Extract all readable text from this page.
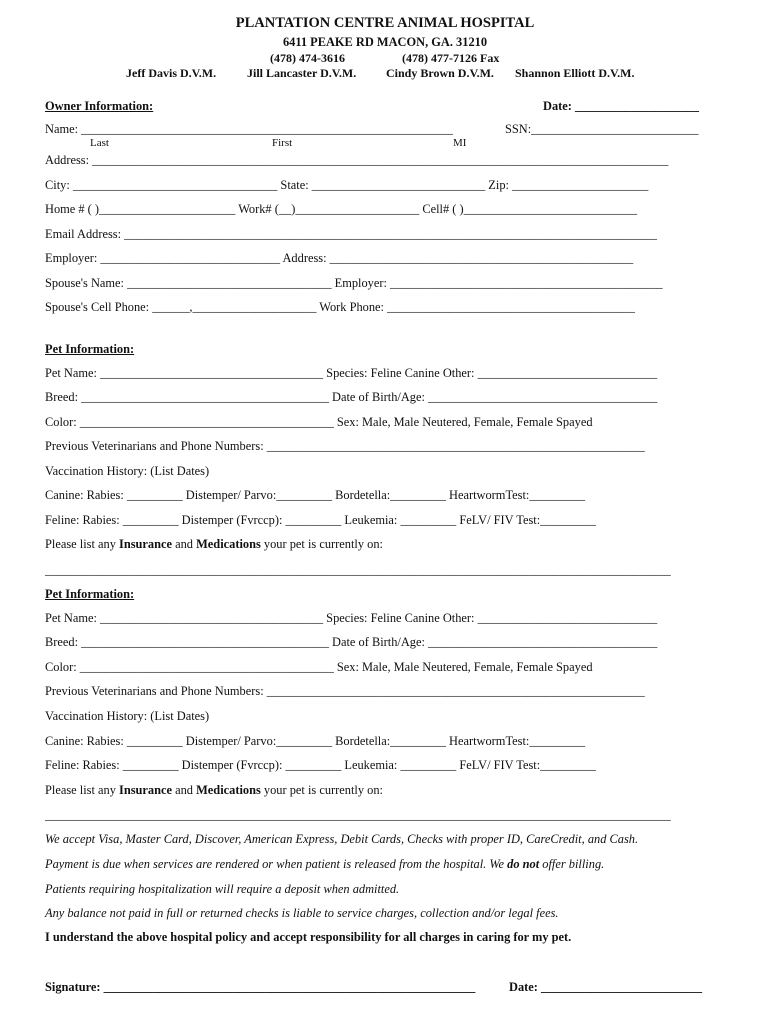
PLANTATION CENTRE ANIMAL HOSPITAL
6411 PEAKE RD MACON, GA. 31210
(478) 474-3616	(478) 477-7126 Fax
Jeff Davis D.V.M.	Jill Lancaster D.V.M. Cindy Brown D.V.M. Shannon Elliott D.V.M.
Owner Information:	Date: ____________________
Name: ____________________________________________________________	SSN:___________________________
Last	First	MI
Address: _____________________________________________________________________________________________
City: _________________________________ State: ____________________________ Zip: ______________________
Home # ( )______________________ Work# (__)____________________ Cell# ( )____________________________
Email Address: ______________________________________________________________________________________
Employer: _____________________________ Address: _________________________________________________
Spouse's Name: _________________________________ Employer: ____________________________________________
Spouse's Cell Phone: ______,____________________ Work Phone: ________________________________________
Pet Information:
Pet Name: ____________________________________ Species: Feline Canine Other: _____________________________
Breed: ________________________________________ Date of Birth/Age: _____________________________________
Color: _________________________________________ Sex: Male, Male Neutered, Female, Female Spayed
Previous Veterinarians and Phone Numbers: _____________________________________________________________
Vaccination History: (List Dates)
Canine: Rabies: _________ Distemper/ Parvo:_________ Bordetella:_________ HeartwormTest:_________
Feline: Rabies: _________ Distemper (Fvrccp): _________ Leukemia: _________ FeLV/ FIV Test:_________
Please list any Insurance and Medications your pet is currently on:
_____________________________________________________________________________________________________
Pet Information:
Pet Name: ____________________________________ Species: Feline Canine Other: _____________________________
Breed: ________________________________________ Date of Birth/Age: _____________________________________
Color: _________________________________________ Sex: Male, Male Neutered, Female, Female Spayed
Previous Veterinarians and Phone Numbers: _____________________________________________________________
Vaccination History: (List Dates)
Canine: Rabies: _________ Distemper/ Parvo:_________ Bordetella:_________ HeartwormTest:_________
Feline: Rabies: _________ Distemper (Fvrccp): _________ Leukemia: _________ FeLV/ FIV Test:_________
Please list any Insurance and Medications your pet is currently on:
_____________________________________________________________________________________________________
We accept Visa, Master Card, Discover, American Express, Debit Cards, Checks with proper ID, CareCredit, and Cash.
Payment is due when services are rendered or when patient is released from the hospital. We do not offer billing.
Patients requiring hospitalization will require a deposit when admitted.
Any balance not paid in full or returned checks is liable to service charges, collection and/or legal fees.
I understand the above hospital policy and accept responsibility for all charges in caring for my pet.
Signature: ____________________________________________________________	Date: __________________________
